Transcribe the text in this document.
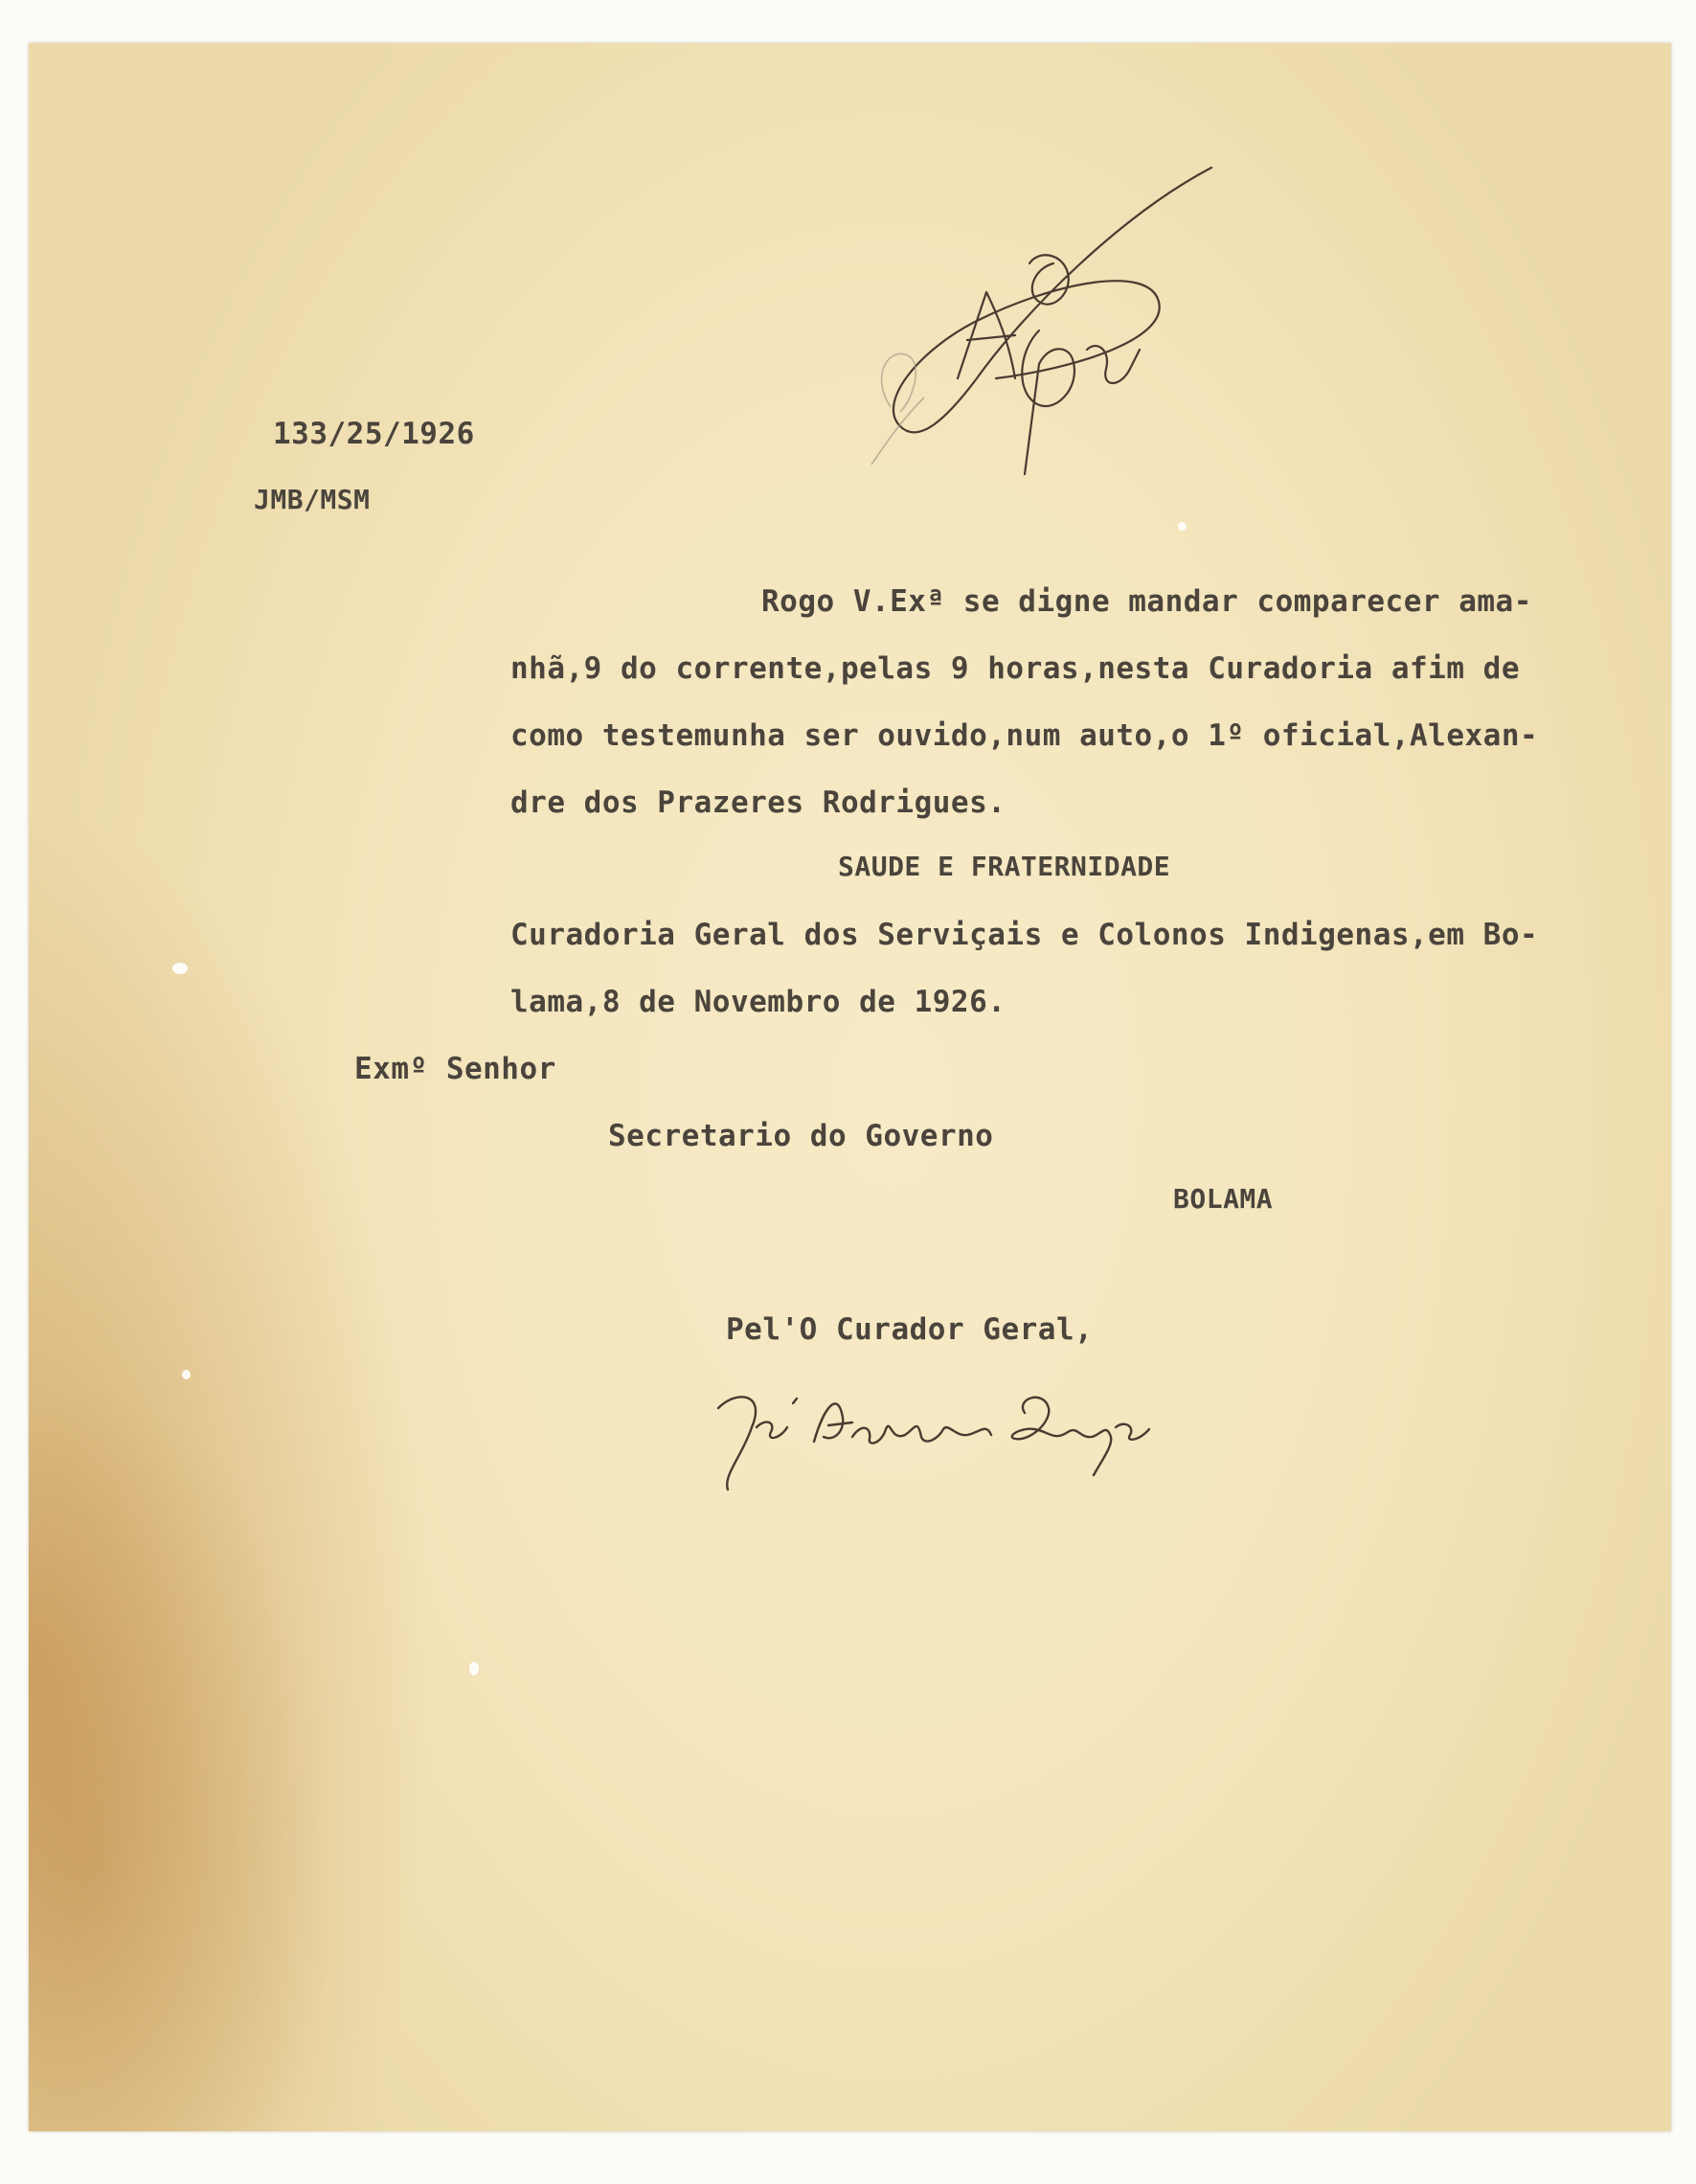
133/25/1926
JMB/MSM
Rogo V.Exª se digne mandar comparecer ama-
nhã,9 do corrente,pelas 9 horas,nesta Curadoria afim de
como testemunha ser ouvido,num auto,o 1º oficial,Alexan-
dre dos Prazeres Rodrigues.
SAUDE E FRATERNIDADE
Curadoria Geral dos Serviçais e Colonos Indigenas,em Bo-
lama,8 de Novembro de 1926.
Exmº Senhor
Secretario do Governo
BOLAMA
Pel'O Curador Geral,
